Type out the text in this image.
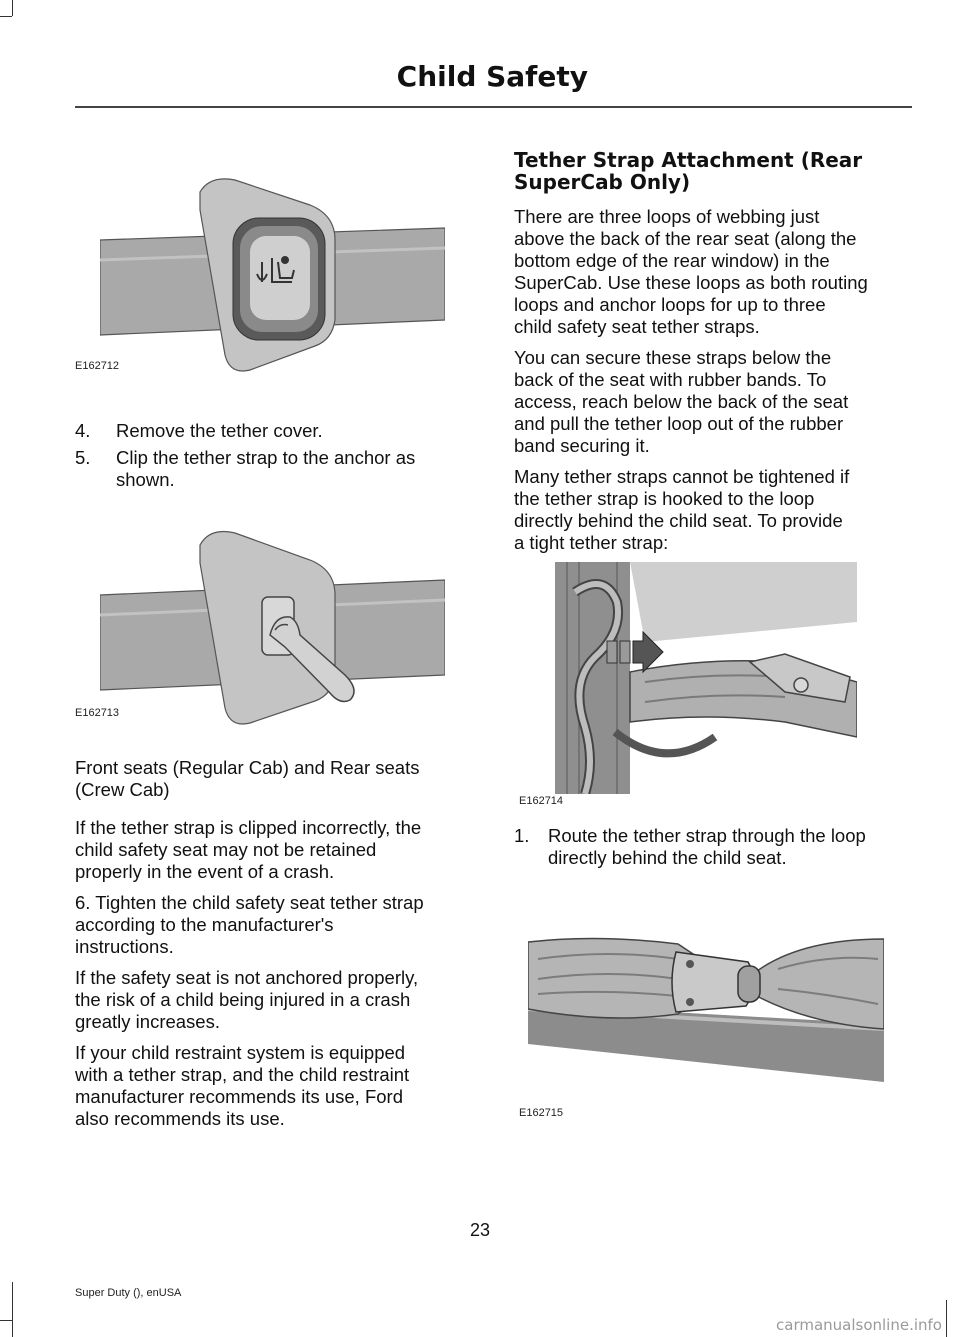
Child Safety
E162712
4. Remove the tether cover.
5. Clip the tether strap to the anchor as
shown.
E162713

Front seats (Regular Cab) and Rear seats
(Crew Cab)

If the tether strap is clipped incorrectly, the
child safety seat may not be retained
properly in the event of a crash.

6. Tighten the child safety seat tether strap
according to the manufacturer's
instructions.

If the safety seat is not anchored properly,
the risk of a child being injured in a crash
greatly increases.

If your child restraint system is equipped
with a tether strap, and the child restraint
manufacturer recommends its use, Ford
also recommends its use.

Tether Strap Attachment (Rear
SuperCab Only)

There are three loops of webbing just
above the back of the rear seat (along the
bottom edge of the rear window) in the
SuperCab. Use these loops as both routing
loops and anchor loops for up to three
child safety seat tether straps.

You can secure these straps below the
back of the seat with rubber bands. To
access, reach below the back of the seat
and pull the tether loop out of the rubber
band securing it.

Many tether straps cannot be tightened if
the tether strap is hooked to the loop
directly behind the child seat. To provide
a tight tether strap:

E162714
1. Route the tether strap through the loop
directly behind the child seat.
E162715
23
Super Duty (), enUSA
carmanualsonline.info
